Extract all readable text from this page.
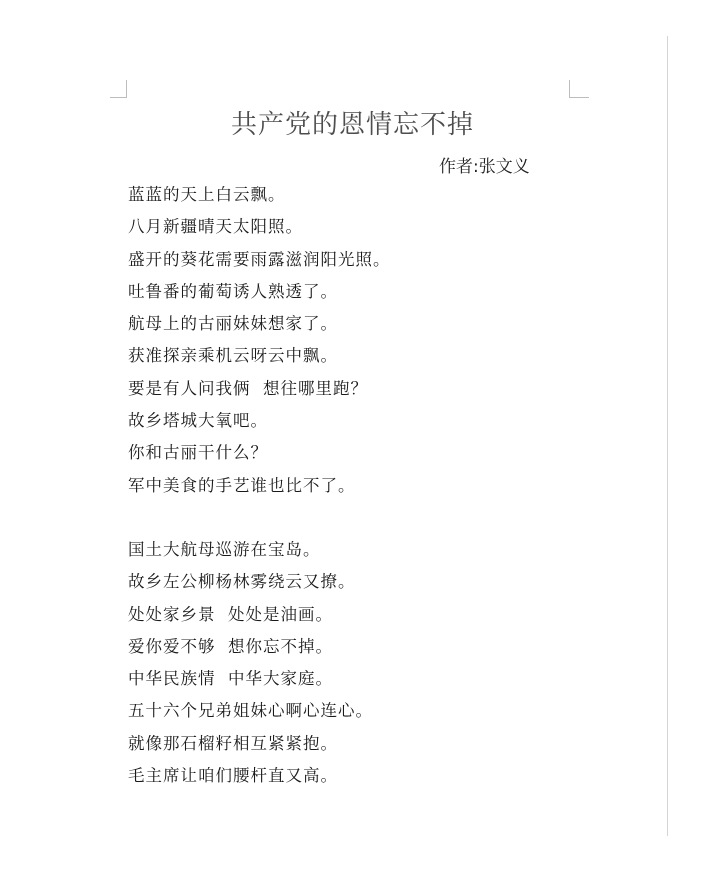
共产党的恩情忘不掉
作者:张文义
蓝蓝的天上白云飘。
八月新疆晴天太阳照。
盛开的葵花需要雨露滋润阳光照。
吐鲁番的葡萄诱人熟透了。
航母上的古丽妹妹想家了。
获准探亲乘机云呀云中飘。
要是有人问我俩  想往哪里跑？
故乡塔城大氧吧。
你和古丽干什么？
军中美食的手艺谁也比不了。
国土大航母巡游在宝岛。
故乡左公柳杨林雾绕云又撩。
处处家乡景  处处是油画。
爱你爱不够  想你忘不掉。
中华民族情  中华大家庭。
五十六个兄弟姐妹心啊心连心。
就像那石榴籽相互紧紧抱。
毛主席让咱们腰杆直又高。
